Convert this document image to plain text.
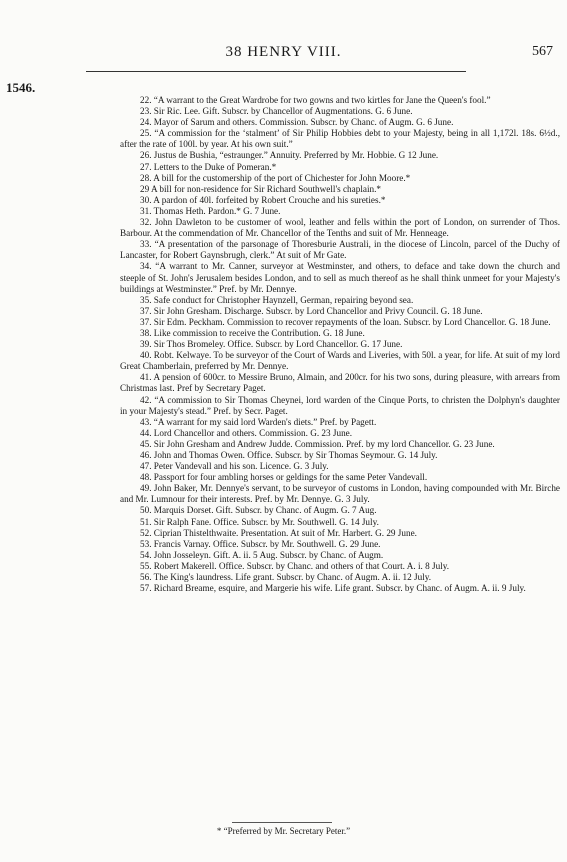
38 HENRY VIII.	567
1546.

22. “A warrant to the Great Wardrobe for two gowns and two kirtles for Jane the Queen's fool.”

23. Sir Ric. Lee. Gift. Subscr. by Chancellor of Augmentations. G. 6 June.

24. Mayor of Sarum and others. Commission. Subscr. by Chanc. of Augm. G. 6 June.

25. “A commission for the ‘stalment’ of Sir Philip Hobbies debt to your Majesty, being in all 1,172l. 18s. 6½d., after the rate of 100l. by year. At his own suit.”

26. Justus de Bushia, “estraunger.” Annuity. Preferred by Mr. Hobbie. G 12 June.

27. Letters to the Duke of Pomeran.*

28. A bill for the customership of the port of Chichester for John Moore.*

29 A bill for non-residence for Sir Richard Southwell's chaplain.*

30. A pardon of 40l. forfeited by Robert Crouche and his sureties.*

31. Thomas Heth. Pardon.* G. 7 June.

32. John Dawleton to be customer of wool, leather and fells within the port of London, on surrender of Thos. Barbour. At the commendation of Mr. Chancellor of the Tenths and suit of Mr. Henneage.

33. “A presentation of the parsonage of Thoresburie Australi, in the diocese of Lincoln, parcel of the Duchy of Lancaster, for Robert Gaynsbrugh, clerk.” At suit of Mr Gate.

34. “A warrant to Mr. Canner, surveyor at Westminster, and others, to deface and take down the church and steeple of St. John's Jerusalem besides London, and to sell as much thereof as he shall think unmeet for your Majesty's buildings at Westminster.” Pref. by Mr. Dennye.

35. Safe conduct for Christopher Haynzell, German, repairing beyond sea.

37. Sir John Gresham. Discharge. Subscr. by Lord Chancellor and Privy Council. G. 18 June.

37. Sir Edm. Peckham. Commission to recover repayments of the loan. Subscr. by Lord Chancellor. G. 18 June.

38. Like commission to receive the Contribution. G. 18 June.

39. Sir Thos Bromeley. Office. Subscr. by Lord Chancellor. G. 17 June.

40. Robt. Kelwaye. To be surveyor of the Court of Wards and Liveries, with 50l. a year, for life. At suit of my lord Great Chamberlain, preferred by Mr. Dennye.

41. A pension of 600cr. to Messire Bruno, Almain, and 200cr. for his two sons, during pleasure, with arrears from Christmas last. Pref by Secretary Paget.

42. “A commission to Sir Thomas Cheynei, lord warden of the Cinque Ports, to christen the Dolphyn's daughter in your Majesty's stead.” Pref. by Secr. Paget.

43. “A warrant for my said lord Warden's diets.” Pref. by Pagett.

44. Lord Chancellor and others. Commission. G. 23 June.

45. Sir John Gresham and Andrew Judde. Commission. Pref. by my lord Chancellor. G. 23 June.

46. John and Thomas Owen. Office. Subscr. by Sir Thomas Seymour. G. 14 July.

47. Peter Vandevall and his son. Licence. G. 3 July.

48. Passport for four ambling horses or geldings for the same Peter Vandevall.

49. John Baker, Mr. Dennye's servant, to be surveyor of customs in London, having compounded with Mr. Birche and Mr. Lumnour for their interests. Pref. by Mr. Dennye. G. 3 July.

50. Marquis Dorset. Gift. Subscr. by Chanc. of Augm. G. 7 Aug.

51. Sir Ralph Fane. Office. Subscr. by Mr. Southwell. G. 14 July.

52. Ciprian Thistelthwaite. Presentation. At suit of Mr. Harbert. G. 29 June.

53. Francis Varnay. Office. Subscr. by Mr. Southwell. G. 29 June.

54. John Josseleyn. Gift. A. ii. 5 Aug. Subscr. by Chanc. of Augm.

55. Robert Makerell. Office. Subscr. by Chanc. and others of that Court. A. i. 8 July.

56. The King's laundress. Life grant. Subscr. by Chanc. of Augm. A. ii. 12 July.

57. Richard Breame, esquire, and Margerie his wife. Life grant. Subscr. by Chanc. of Augm. A. ii. 9 July.

* “Preferred by Mr. Secretary Peter.”
